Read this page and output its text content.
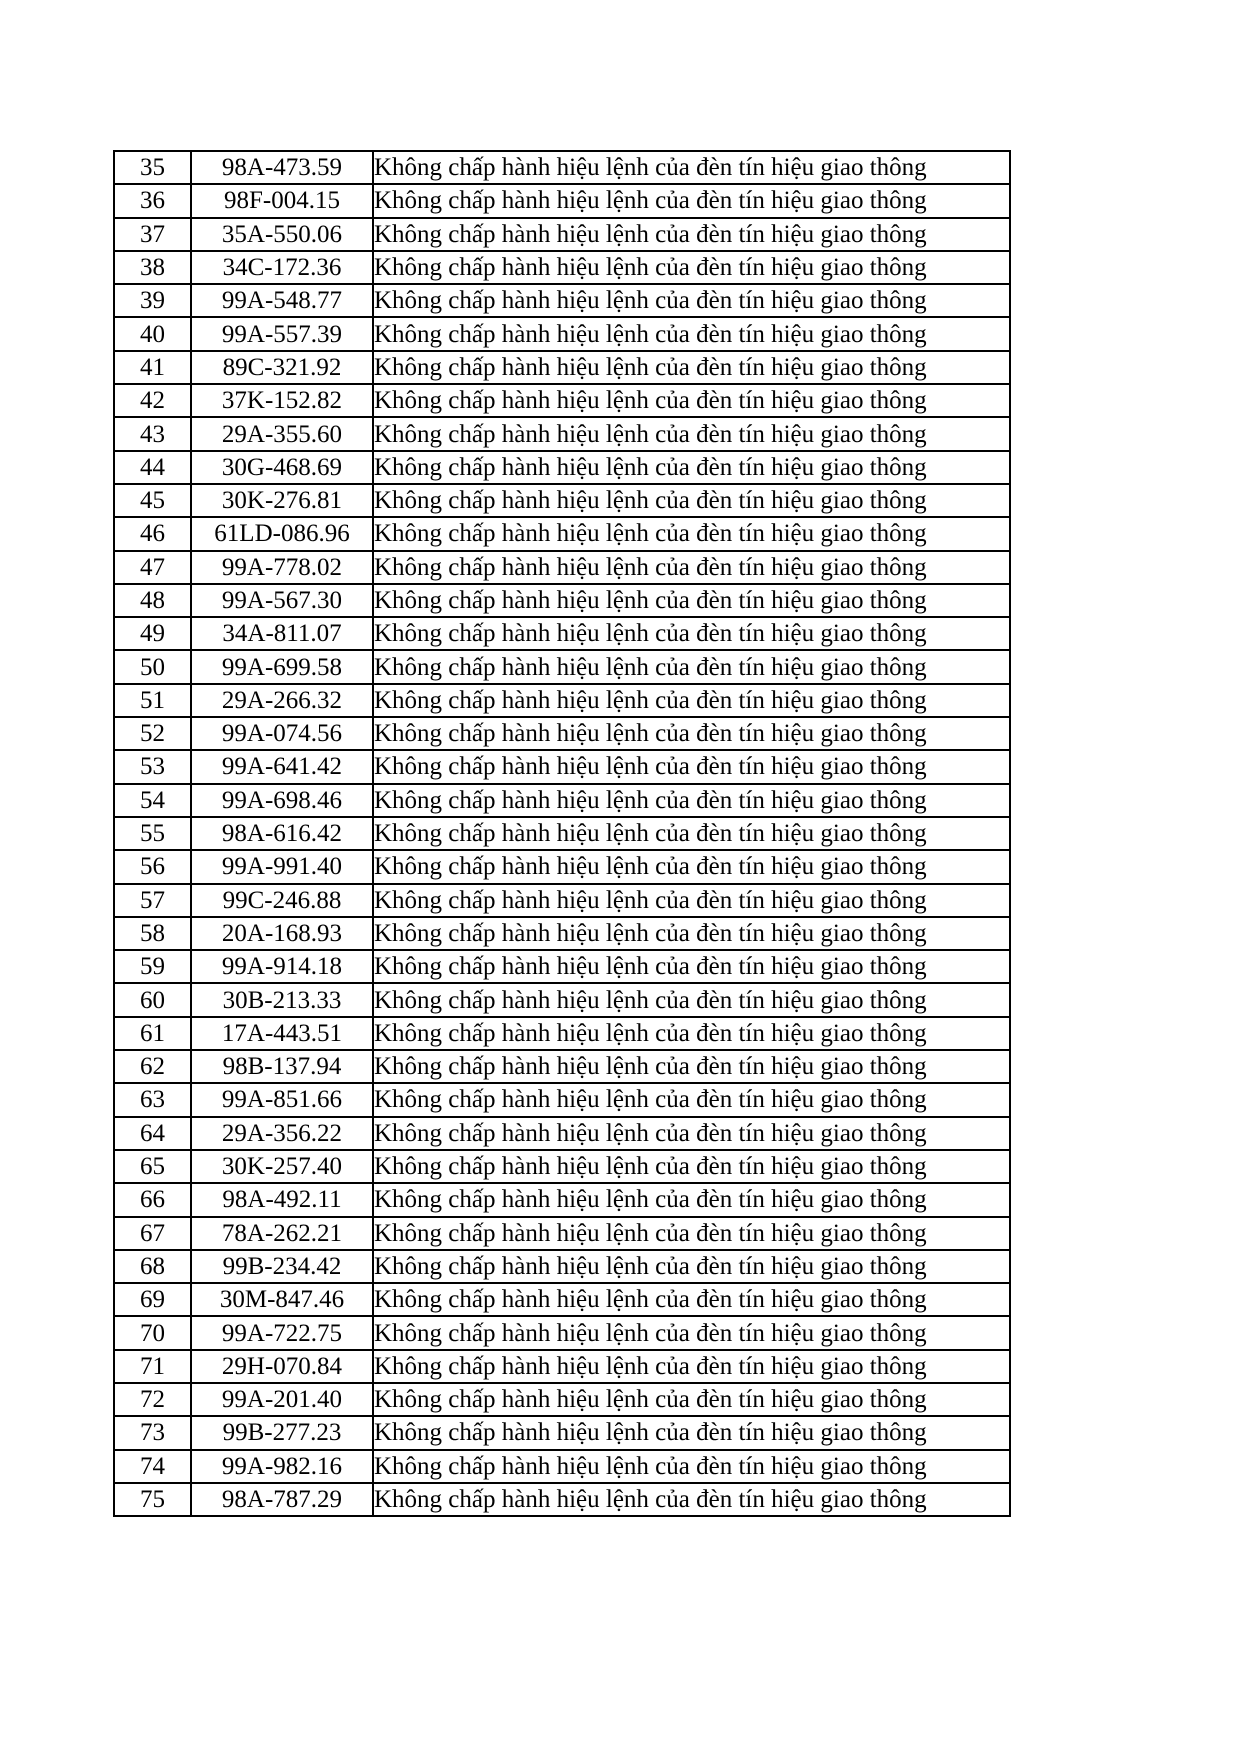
35	98A-473.59	Không chấp hành hiệu lệnh của đèn tín hiệu giao thông
36	98F-004.15	Không chấp hành hiệu lệnh của đèn tín hiệu giao thông
37	35A-550.06	Không chấp hành hiệu lệnh của đèn tín hiệu giao thông
38	34C-172.36	Không chấp hành hiệu lệnh của đèn tín hiệu giao thông
39	99A-548.77	Không chấp hành hiệu lệnh của đèn tín hiệu giao thông
40	99A-557.39	Không chấp hành hiệu lệnh của đèn tín hiệu giao thông
41	89C-321.92	Không chấp hành hiệu lệnh của đèn tín hiệu giao thông
42	37K-152.82	Không chấp hành hiệu lệnh của đèn tín hiệu giao thông
43	29A-355.60	Không chấp hành hiệu lệnh của đèn tín hiệu giao thông
44	30G-468.69	Không chấp hành hiệu lệnh của đèn tín hiệu giao thông
45	30K-276.81	Không chấp hành hiệu lệnh của đèn tín hiệu giao thông
46	61LD-086.96	Không chấp hành hiệu lệnh của đèn tín hiệu giao thông
47	99A-778.02	Không chấp hành hiệu lệnh của đèn tín hiệu giao thông
48	99A-567.30	Không chấp hành hiệu lệnh của đèn tín hiệu giao thông
49	34A-811.07	Không chấp hành hiệu lệnh của đèn tín hiệu giao thông
50	99A-699.58	Không chấp hành hiệu lệnh của đèn tín hiệu giao thông
51	29A-266.32	Không chấp hành hiệu lệnh của đèn tín hiệu giao thông
52	99A-074.56	Không chấp hành hiệu lệnh của đèn tín hiệu giao thông
53	99A-641.42	Không chấp hành hiệu lệnh của đèn tín hiệu giao thông
54	99A-698.46	Không chấp hành hiệu lệnh của đèn tín hiệu giao thông
55	98A-616.42	Không chấp hành hiệu lệnh của đèn tín hiệu giao thông
56	99A-991.40	Không chấp hành hiệu lệnh của đèn tín hiệu giao thông
57	99C-246.88	Không chấp hành hiệu lệnh của đèn tín hiệu giao thông
58	20A-168.93	Không chấp hành hiệu lệnh của đèn tín hiệu giao thông
59	99A-914.18	Không chấp hành hiệu lệnh của đèn tín hiệu giao thông
60	30B-213.33	Không chấp hành hiệu lệnh của đèn tín hiệu giao thông
61	17A-443.51	Không chấp hành hiệu lệnh của đèn tín hiệu giao thông
62	98B-137.94	Không chấp hành hiệu lệnh của đèn tín hiệu giao thông
63	99A-851.66	Không chấp hành hiệu lệnh của đèn tín hiệu giao thông
64	29A-356.22	Không chấp hành hiệu lệnh của đèn tín hiệu giao thông
65	30K-257.40	Không chấp hành hiệu lệnh của đèn tín hiệu giao thông
66	98A-492.11	Không chấp hành hiệu lệnh của đèn tín hiệu giao thông
67	78A-262.21	Không chấp hành hiệu lệnh của đèn tín hiệu giao thông
68	99B-234.42	Không chấp hành hiệu lệnh của đèn tín hiệu giao thông
69	30M-847.46	Không chấp hành hiệu lệnh của đèn tín hiệu giao thông
70	99A-722.75	Không chấp hành hiệu lệnh của đèn tín hiệu giao thông
71	29H-070.84	Không chấp hành hiệu lệnh của đèn tín hiệu giao thông
72	99A-201.40	Không chấp hành hiệu lệnh của đèn tín hiệu giao thông
73	99B-277.23	Không chấp hành hiệu lệnh của đèn tín hiệu giao thông
74	99A-982.16	Không chấp hành hiệu lệnh của đèn tín hiệu giao thông
75	98A-787.29	Không chấp hành hiệu lệnh của đèn tín hiệu giao thông
